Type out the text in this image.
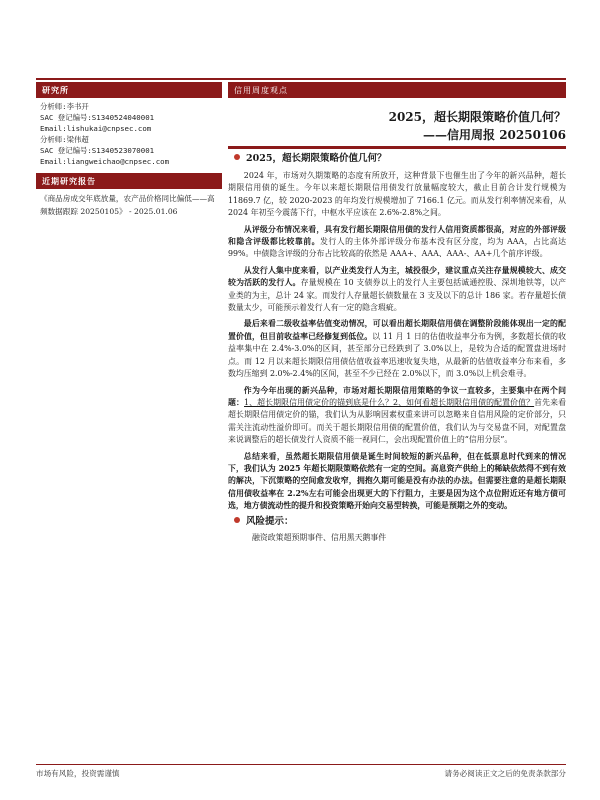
研究所
分析师:李书开
SAC 登记编号:S1340524040001
Email:lishukai@cnpsec.com
分析师:梁伟超
SAC 登记编号:S1340523070001
Email:liangweichao@cnpsec.com
近期研究报告
《商品房成交年底放量，农产品价格同比偏低——高频数据跟踪 20250105》 - 2025.01.06
信用周度观点
2025，超长期限策略价值几何？
——信用周报 20250106
2025，超长期限策略价值几何？

2024 年，市场对久期策略的态度有所放开，这种背景下也催生出了今年的新兴品种，超长期限信用债的诞生。今年以来超长期限信用债发行放量幅度较大，截止目前合计发行规模为 11869.7 亿，较 2020-2023 的年均发行规模增加了 7166.1 亿元。而从发行利率情况来看，从 2024 年初至今震荡下行，中枢水平应该在 2.6%-2.8%之间。

从评级分布情况来看，具有发行超长期限信用债的发行人信用资质都很高，对应的外部评级和隐含评级都比较靠前。发行人的主体外部评级分布基本没有区分度，均为 AAA，占比高达 99%。中债隐含评级的分布占比较高的依然是 AAA+、AAA、AAA-、AA+几个前序评级。

从发行人集中度来看，以产业类发行人为主，城投很少，建议重点关注存量规模较大、成交较为活跃的发行人。存量规模在 10 支债券以上的发行人主要包括诚通控股、深圳地铁等，以产业类的为主，总计 24 家。而发行人存量超长债数量在 3 支及以下的总计 186 家。若存量超长债数量太少，可能预示着发行人有一定的隐含瑕疵。

最后来看二级收益率估值变动情况，可以看出超长期限信用债在调整阶段能体现出一定的配置价值，但目前收益率已经修复到低位。以 11 月 1 日的估值收益率分布为例，多数超长债的收益率集中在 2.4%-3.0%的区间，甚至部分已经跌到了 3.0%以上，是较为合适的配置盘进场时点。而 12 月以来超长期限信用债估值收益率迅速收复失地，从最新的估值收益率分布来看，多数均压缩到 2.0%-2.4%的区间，甚至不少已经在 2.0%以下，而 3.0%以上机会难寻。

作为今年出现的新兴品种，市场对超长期限信用策略的争议一直较多，主要集中在两个问题：1、超长期限信用债定价的锚到底是什么？2、如何看超长期限信用债的配置价值？首先来看超长期限信用债定价的锚，我们认为从影响因素权重来讲可以忽略来自信用风险的定价部分，只需关注流动性溢价即可。而关于超长期限信用债的配置价值，我们认为与交易盘不同，对配置盘来说调整后的超长债发行人资质不能一视同仁，会出现配置价值上的“信用分层”。

总结来看，虽然超长期限信用债是诞生时间较短的新兴品种，但在低票息时代到来的情况下，我们认为 2025 年超长期限策略依然有一定的空间。高息资产供给上的稀缺依然得不到有效的解决，下沉策略的空间愈发收窄，拥抱久期可能是没有办法的办法。但需要注意的是超长期限信用债收益率在 2.2%左右可能会出现更大的下行阻力，主要是因为这个点位附近还有地方债可选，地方债流动性的提升和投资策略开始向交易型转换，可能是预期之外的变动。

风险提示：
融资政策超预期事件、信用黑天鹅事件
市场有风险，投资需谨慎	请务必阅读正文之后的免责条款部分
